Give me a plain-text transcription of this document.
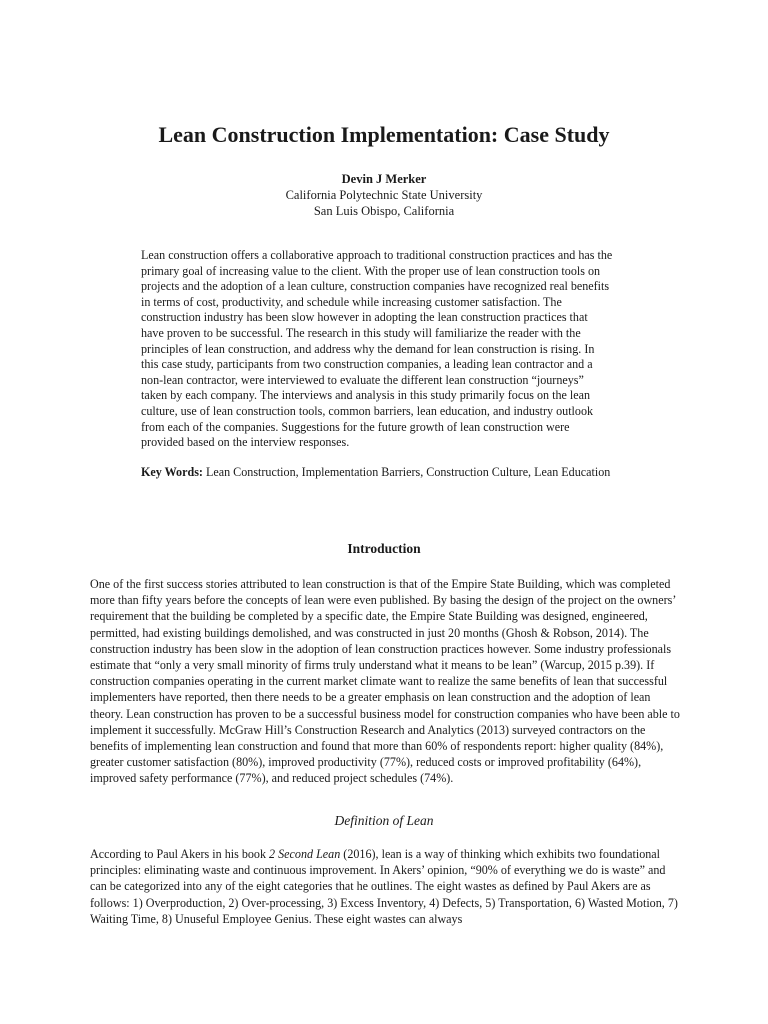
Lean Construction Implementation: Case Study
Devin J Merker
California Polytechnic State University
San Luis Obispo, California

Lean construction offers a collaborative approach to traditional construction practices and has the primary goal of increasing value to the client. With the proper use of lean construction tools on projects and the adoption of a lean culture, construction companies have recognized real benefits in terms of cost, productivity, and schedule while increasing customer satisfaction. The construction industry has been slow however in adopting the lean construction practices that have proven to be successful. The research in this study will familiarize the reader with the principles of lean construction, and address why the demand for lean construction is rising. In this case study, participants from two construction companies, a leading lean contractor and a non-lean contractor, were interviewed to evaluate the different lean construction “journeys” taken by each company. The interviews and analysis in this study primarily focus on the lean culture, use of lean construction tools, common barriers, lean education, and industry outlook from each of the companies. Suggestions for the future growth of lean construction were provided based on the interview responses.

Key Words: Lean Construction, Implementation Barriers, Construction Culture, Lean Education

Introduction

One of the first success stories attributed to lean construction is that of the Empire State Building, which was completed more than fifty years before the concepts of lean were even published. By basing the design of the project on the owners’ requirement that the building be completed by a specific date, the Empire State Building was designed, engineered, permitted, had existing buildings demolished, and was constructed in just 20 months (Ghosh & Robson, 2014). The construction industry has been slow in the adoption of lean construction practices however. Some industry professionals estimate that “only a very small minority of firms truly understand what it means to be lean” (Warcup, 2015 p.39). If construction companies operating in the current market climate want to realize the same benefits of lean that successful implementers have reported, then there needs to be a greater emphasis on lean construction and the adoption of lean theory. Lean construction has proven to be a successful business model for construction companies who have been able to implement it successfully. McGraw Hill’s Construction Research and Analytics (2013) surveyed contractors on the benefits of implementing lean construction and found that more than 60% of respondents report: higher quality (84%), greater customer satisfaction (80%), improved productivity (77%), reduced costs or improved profitability (64%), improved safety performance (77%), and reduced project schedules (74%).

Definition of Lean

According to Paul Akers in his book 2 Second Lean (2016), lean is a way of thinking which exhibits two foundational principles: eliminating waste and continuous improvement. In Akers’ opinion, “90% of everything we do is waste” and can be categorized into any of the eight categories that he outlines. The eight wastes as defined by Paul Akers are as follows: 1) Overproduction, 2) Over-processing, 3) Excess Inventory, 4) Defects, 5) Transportation, 6) Wasted Motion, 7) Waiting Time, 8) Unuseful Employee Genius. These eight wastes can always
